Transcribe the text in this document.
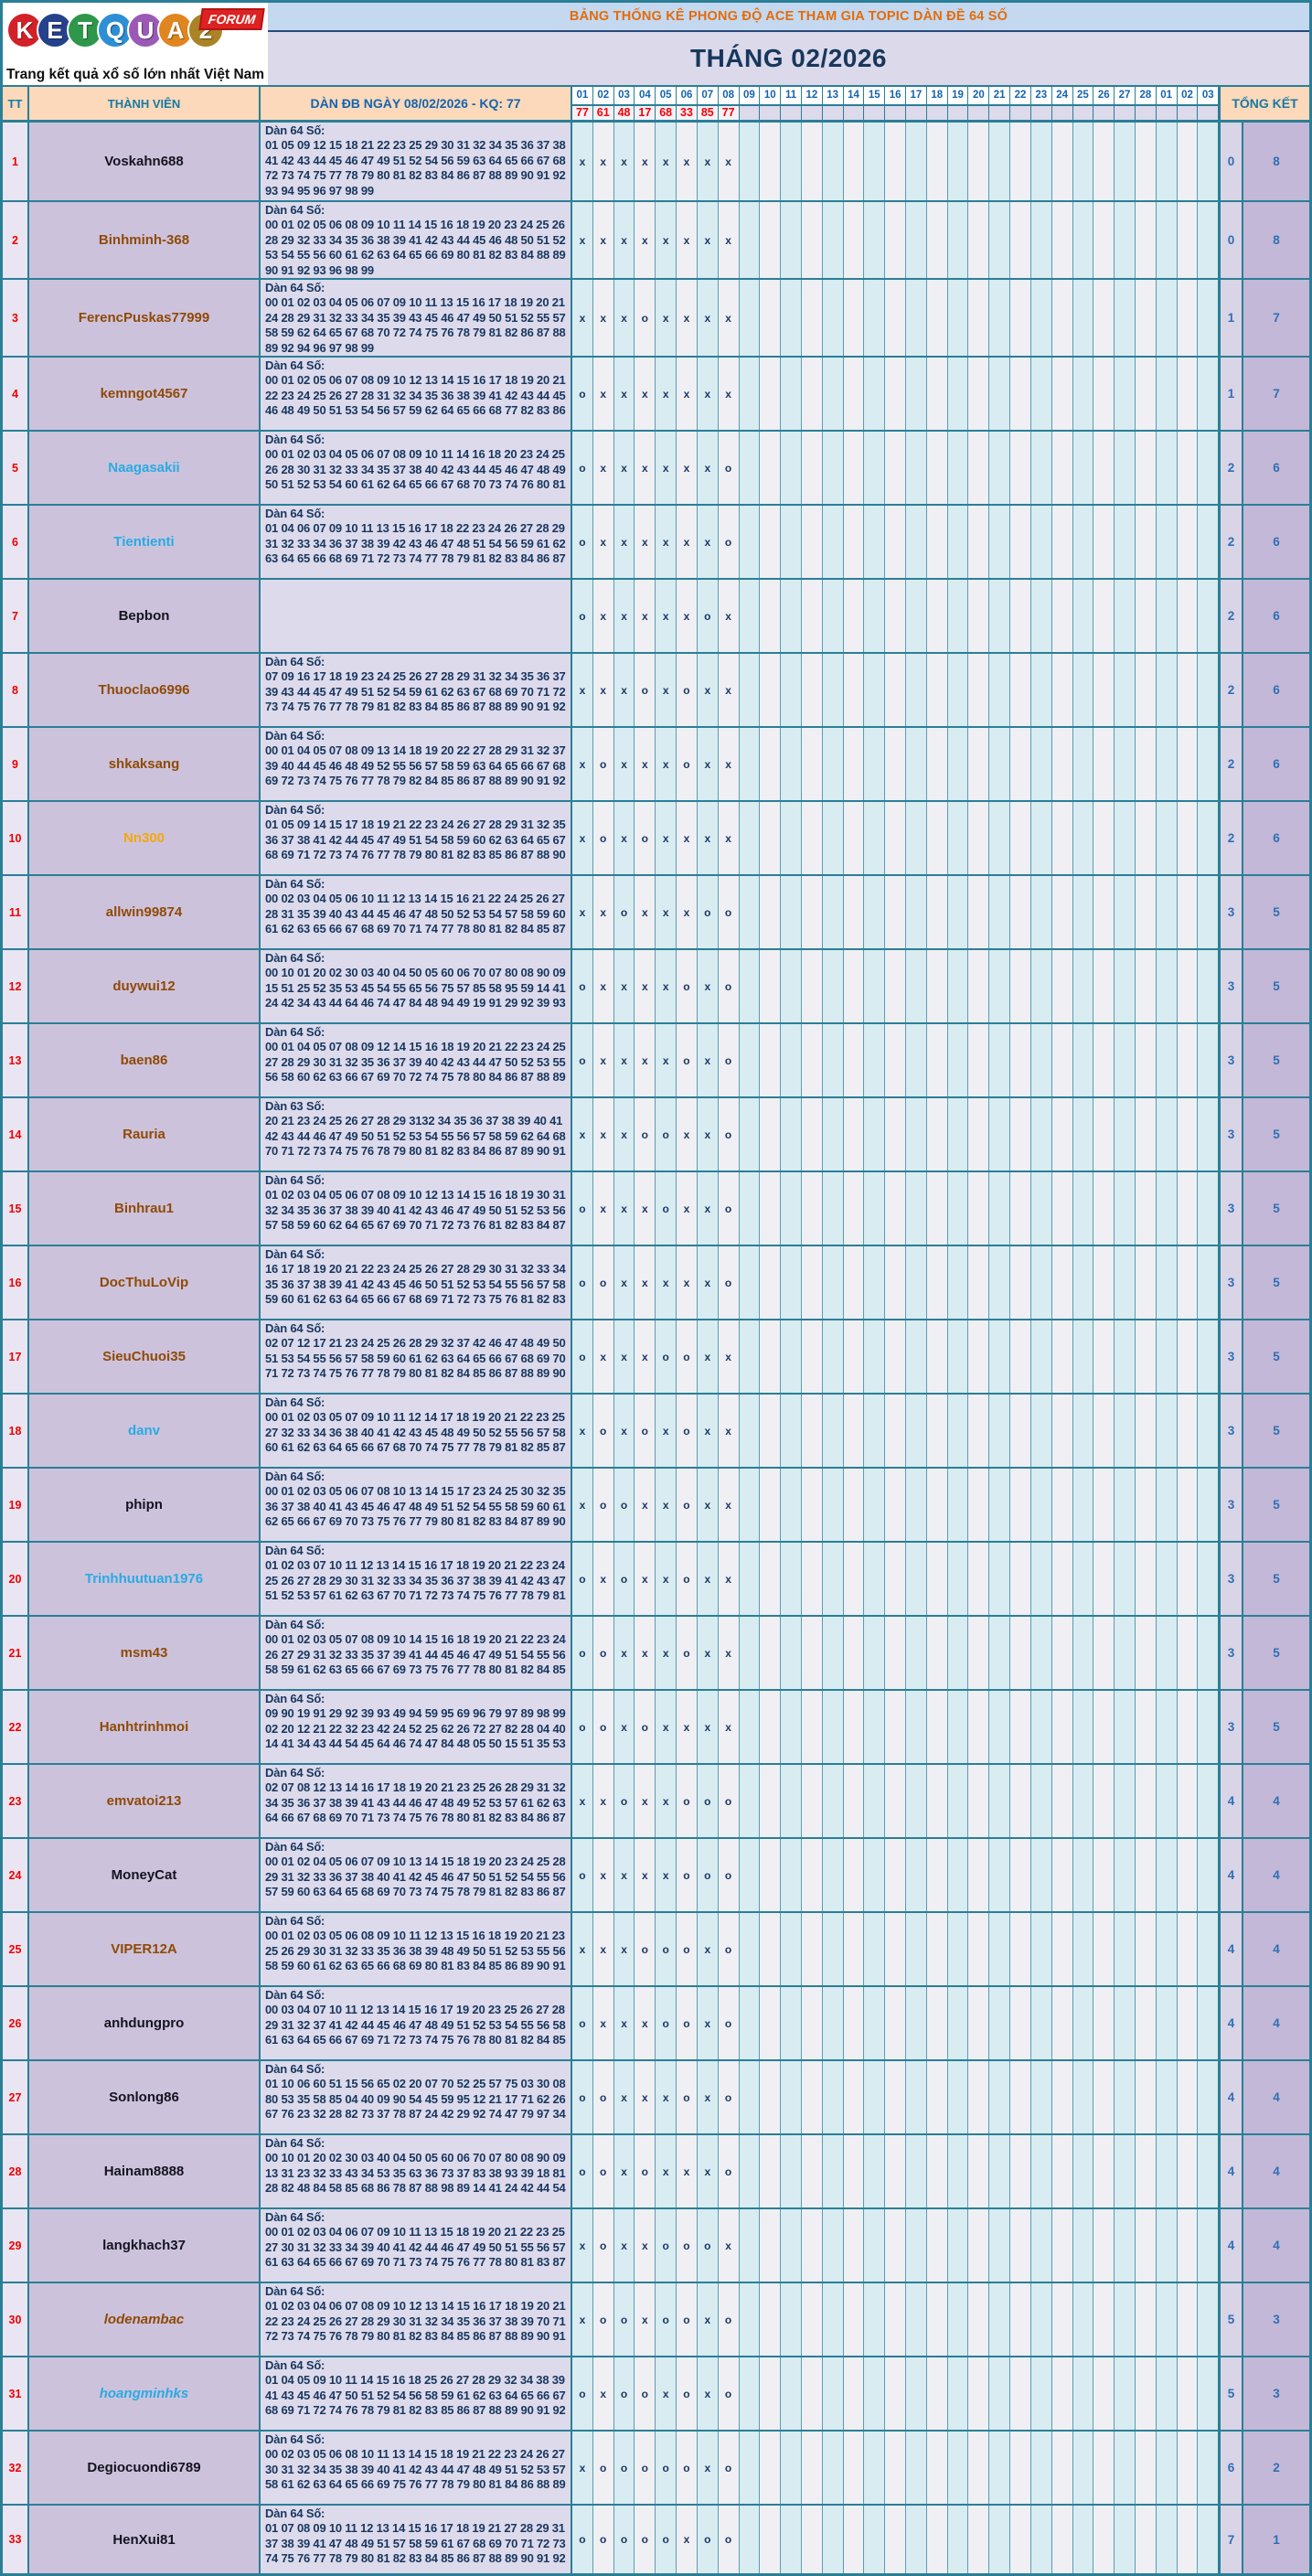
K E T Q U A	FORUM
Trang kết quả xổ số lớn nhất Việt Nam
BẢNG THỐNG KÊ PHONG ĐỘ ACE THAM GIA TOPIC DÀN ĐỀ 64 SỐ
THÁNG 02/2026
TT	THÀNH VIÊN	DÀN ĐB NGÀY 08/02/2026 - KQ: 77
01 02 03 04 05 06 07 08 09 10 11 12 13 14 15 16 17 18 19 20 21 22 23 24 25 26 27 28 01 02 03
77 61 48 17 68 33 85 77
TỔNG KẾT
1	Voskahn688
Dàn 64 Số:
01 05 09 12 15 18 21 22 23 25 29 30 31 32 34 35 36 37 38
41 42 43 44 45 46 47 49 51 52 54 56 59 63 64 65 66 67 68
72 73 74 75 77 78 79 80 81 82 83 84 86 87 88 89 90 91 92
93 94 95 96 97 98 99
x	x	x	x	x	x	x	x	0	8
2	Binhminh-368
Dàn 64 Số:
00 01 02 05 06 08 09 10 11 14 15 16 18 19 20 23 24 25 26
28 29 32 33 34 35 36 38 39 41 42 43 44 45 46 48 50 51 52
53 54 55 56 60 61 62 63 64 65 66 69 80 81 82 83 84 88 89
90 91 92 93 96 98 99
x	x	x	x	x	x	x	x	0	8
3	FerencPuskas77999
Dàn 64 Số:
00 01 02 03 04 05 06 07 09 10 11 13 15 16 17 18 19 20 21
24 28 29 31 32 33 34 35 39 43 45 46 47 49 50 51 52 55 57
58 59 62 64 65 67 68 70 72 74 75 76 78 79 81 82 86 87 88
89 92 94 96 97 98 99
x	x	x	o	x	x	x	x	1	7
4	kemngot4567
Dàn 64 Số:
00 01 02 05 06 07 08 09 10 12 13 14 15 16 17 18 19 20 21
22 23 24 25 26 27 28 31 32 34 35 36 38 39 41 42 43 44 45
46 48 49 50 51 53 54 56 57 59 62 64 65 66 68 77 82 83 86
o	x	x	x	x	x	x	x	1	7
5	Naagasakii
Dàn 64 Số:
00 01 02 03 04 05 06 07 08 09 10 11 14 16 18 20 23 24 25
26 28 30 31 32 33 34 35 37 38 40 42 43 44 45 46 47 48 49
50 51 52 53 54 60 61 62 64 65 66 67 68 70 73 74 76 80 81
o	x	x	x	x	x	x	o	2	6
6	Tientienti
Dàn 64 Số:
01 04 06 07 09 10 11 13 15 16 17 18 22 23 24 26 27 28 29
31 32 33 34 36 37 38 39 42 43 46 47 48 51 54 56 59 61 62
63 64 65 66 68 69 71 72 73 74 77 78 79 81 82 83 84 86 87
o	x	x	x	x	x	x	o	2	6
7	Bepbon	o	x	x	x	x	x	o	x	2	6
8	Thuoclao6996
Dàn 64 Số:
07 09 16 17 18 19 23 24 25 26 27 28 29 31 32 34 35 36 37
39 43 44 45 47 49 51 52 54 59 61 62 63 67 68 69 70 71 72
73 74 75 76 77 78 79 81 82 83 84 85 86 87 88 89 90 91 92
x	x	x	o	x	o	x	x	2	6
9	shkaksang
Dàn 64 Số:
00 01 04 05 07 08 09 13 14 18 19 20 22 27 28 29 31 32 37
39 40 44 45 46 48 49 52 55 56 57 58 59 63 64 65 66 67 68
69 72 73 74 75 76 77 78 79 82 84 85 86 87 88 89 90 91 92
x	o	x	x	x	o	x	x	2	6
10	Nn300
Dàn 64 Số:
01 05 09 14 15 17 18 19 21 22 23 24 26 27 28 29 31 32 35
36 37 38 41 42 44 45 47 49 51 54 58 59 60 62 63 64 65 67
68 69 71 72 73 74 76 77 78 79 80 81 82 83 85 86 87 88 90
x	o	x	o	x	x	x	x	2	6
11	allwin99874
Dàn 64 Số:
00 02 03 04 05 06 10 11 12 13 14 15 16 21 22 24 25 26 27
28 31 35 39 40 43 44 45 46 47 48 50 52 53 54 57 58 59 60
61 62 63 65 66 67 68 69 70 71 74 77 78 80 81 82 84 85 87
x	x	o	x	x	x	o	o	3	5
12	duywui12
Dàn 64 Số:
00 10 01 20 02 30 03 40 04 50 05 60 06 70 07 80 08 90 09
15 51 25 52 35 53 45 54 55 65 56 75 57 85 58 95 59 14 41
24 42 34 43 44 64 46 74 47 84 48 94 49 19 91 29 92 39 93
o	x	x	x	x	o	x	o	3	5
13	baen86
Dàn 64 Số:
00 01 04 05 07 08 09 12 14 15 16 18 19 20 21 22 23 24 25
27 28 29 30 31 32 35 36 37 39 40 42 43 44 47 50 52 53 55
56 58 60 62 63 66 67 69 70 72 74 75 78 80 84 86 87 88 89
o	x	x	x	x	o	x	o	3	5
14	Rauria
Dàn 63 Số:
20 21 23 24 25 26 27 28 29 3132 34 35 36 37 38 39 40 41
42 43 44 46 47 49 50 51 52 53 54 55 56 57 58 59 62 64 68
70 71 72 73 74 75 76 78 79 80 81 82 83 84 86 87 89 90 91
x	x	x	o	o	x	x	o	3	5
15	Binhrau1
Dàn 64 Số:
01 02 03 04 05 06 07 08 09 10 12 13 14 15 16 18 19 30 31
32 34 35 36 37 38 39 40 41 42 43 46 47 49 50 51 52 53 56
57 58 59 60 62 64 65 67 69 70 71 72 73 76 81 82 83 84 87
o	x	x	x	o	x	x	o	3	5
16	DocThuLoVip
Dàn 64 Số:
16 17 18 19 20 21 22 23 24 25 26 27 28 29 30 31 32 33 34
35 36 37 38 39 41 42 43 45 46 50 51 52 53 54 55 56 57 58
59 60 61 62 63 64 65 66 67 68 69 71 72 73 75 76 81 82 83
o	o	x	x	x	x	x	o	3	5
17	SieuChuoi35
Dàn 64 Số:
02 07 12 17 21 23 24 25 26 28 29 32 37 42 46 47 48 49 50
51 53 54 55 56 57 58 59 60 61 62 63 64 65 66 67 68 69 70
71 72 73 74 75 76 77 78 79 80 81 82 84 85 86 87 88 89 90
o	x	x	x	o	o	x	x	3	5
18	danv
Dàn 64 Số:
00 01 02 03 05 07 09 10 11 12 14 17 18 19 20 21 22 23 25
27 32 33 34 36 38 40 41 42 43 45 48 49 50 52 55 56 57 58
60 61 62 63 64 65 66 67 68 70 74 75 77 78 79 81 82 85 87
x	o	x	o	x	o	x	x	3	5
19	phipn
Dàn 64 Số:
00 01 02 03 05 06 07 08 10 13 14 15 17 23 24 25 30 32 35
36 37 38 40 41 43 45 46 47 48 49 51 52 54 55 58 59 60 61
62 65 66 67 69 70 73 75 76 77 79 80 81 82 83 84 87 89 90
x	o	o	x	x	o	x	x	3	5
20	Trinhhuutuan1976
Dàn 64 Số:
01 02 03 07 10 11 12 13 14 15 16 17 18 19 20 21 22 23 24
25 26 27 28 29 30 31 32 33 34 35 36 37 38 39 41 42 43 47
51 52 53 57 61 62 63 67 70 71 72 73 74 75 76 77 78 79 81
o	x	o	x	x	o	x	x	3	5
21	msm43
Dàn 64 Số:
00 01 02 03 05 07 08 09 10 14 15 16 18 19 20 21 22 23 24
26 27 29 31 32 33 35 37 39 41 44 45 46 47 49 51 54 55 56
58 59 61 62 63 65 66 67 69 73 75 76 77 78 80 81 82 84 85
o	o	x	x	x	o	x	x	3	5
22	Hanhtrinhmoi
Dàn 64 Số:
09 90 19 91 29 92 39 93 49 94 59 95 69 96 79 97 89 98 99
02 20 12 21 22 32 23 42 24 52 25 62 26 72 27 82 28 04 40
14 41 34 43 44 54 45 64 46 74 47 84 48 05 50 15 51 35 53
o	o	x	o	x	x	x	x	3	5
23	emvatoi213
Dàn 64 Số:
02 07 08 12 13 14 16 17 18 19 20 21 23 25 26 28 29 31 32
34 35 36 37 38 39 41 43 44 46 47 48 49 52 53 57 61 62 63
64 66 67 68 69 70 71 73 74 75 76 78 80 81 82 83 84 86 87
x	x	o	x	x	o	o	o	4	4
24	MoneyCat
Dàn 64 Số:
00 01 02 04 05 06 07 09 10 13 14 15 18 19 20 23 24 25 28
29 31 32 33 36 37 38 40 41 42 45 46 47 50 51 52 54 55 56
57 59 60 63 64 65 68 69 70 73 74 75 78 79 81 82 83 86 87
o	x	x	x	x	o	o	o	4	4
25	VIPER12A
Dàn 64 Số:
00 01 02 03 05 06 08 09 10 11 12 13 15 16 18 19 20 21 23
25 26 29 30 31 32 33 35 36 38 39 48 49 50 51 52 53 55 56
58 59 60 61 62 63 65 66 68 69 80 81 83 84 85 86 89 90 91
x	x	x	o	o	o	x	o	4	4
26	anhdungpro
Dàn 64 Số:
00 03 04 07 10 11 12 13 14 15 16 17 19 20 23 25 26 27 28
29 31 32 37 41 42 44 45 46 47 48 49 51 52 53 54 55 56 58
61 63 64 65 66 67 69 71 72 73 74 75 76 78 80 81 82 84 85
o	x	x	x	o	o	x	o	4	4
27	Sonlong86
Dàn 64 Số:
01 10 06 60 51 15 56 65 02 20 07 70 52 25 57 75 03 30 08
80 53 35 58 85 04 40 09 90 54 45 59 95 12 21 17 71 62 26
67 76 23 32 28 82 73 37 78 87 24 42 29 92 74 47 79 97 34
o	o	x	x	x	o	x	o	4	4
28	Hainam8888
Dàn 64 Số:
00 10 01 20 02 30 03 40 04 50 05 60 06 70 07 80 08 90 09
13 31 23 32 33 43 34 53 35 63 36 73 37 83 38 93 39 18 81
28 82 48 84 58 85 68 86 78 87 88 98 89 14 41 24 42 44 54
o	o	x	o	x	x	x	o	4	4
29	langkhach37
Dàn 64 Số:
00 01 02 03 04 06 07 09 10 11 13 15 18 19 20 21 22 23 25
27 30 31 32 33 34 39 40 41 42 44 46 47 49 50 51 55 56 57
61 63 64 65 66 67 69 70 71 73 74 75 76 77 78 80 81 83 87
x	o	x	x	o	o	o	x	4	4
30	lodenambac
Dàn 64 Số:
01 02 03 04 06 07 08 09 10 12 13 14 15 16 17 18 19 20 21
22 23 24 25 26 27 28 29 30 31 32 34 35 36 37 38 39 70 71
72 73 74 75 76 78 79 80 81 82 83 84 85 86 87 88 89 90 91
x	o	o	x	o	o	x	o	5	3
31	hoangminhks
Dàn 64 Số:
01 04 05 09 10 11 14 15 16 18 25 26 27 28 29 32 34 38 39
41 43 45 46 47 50 51 52 54 56 58 59 61 62 63 64 65 66 67
68 69 71 72 74 76 78 79 81 82 83 85 86 87 88 89 90 91 92
o	x	o	o	x	o	x	o	5	3
32	Degiocuondi6789
Dàn 64 Số:
00 02 03 05 06 08 10 11 13 14 15 18 19 21 22 23 24 26 27
30 31 32 34 35 38 39 40 41 42 43 44 47 48 49 51 52 53 57
58 61 62 63 64 65 66 69 75 76 77 78 79 80 81 84 86 88 89
x	o	o	o	o	o	x	o	6	2
33	HenXui81
Dàn 64 Số:
01 07 08 09 10 11 12 13 14 15 16 17 18 19 21 27 28 29 31
37 38 39 41 47 48 49 51 57 58 59 61 67 68 69 70 71 72 73
74 75 76 77 78 79 80 81 82 83 84 85 86 87 88 89 90 91 92
o	o	o	o	o	x	o	o	7	1
